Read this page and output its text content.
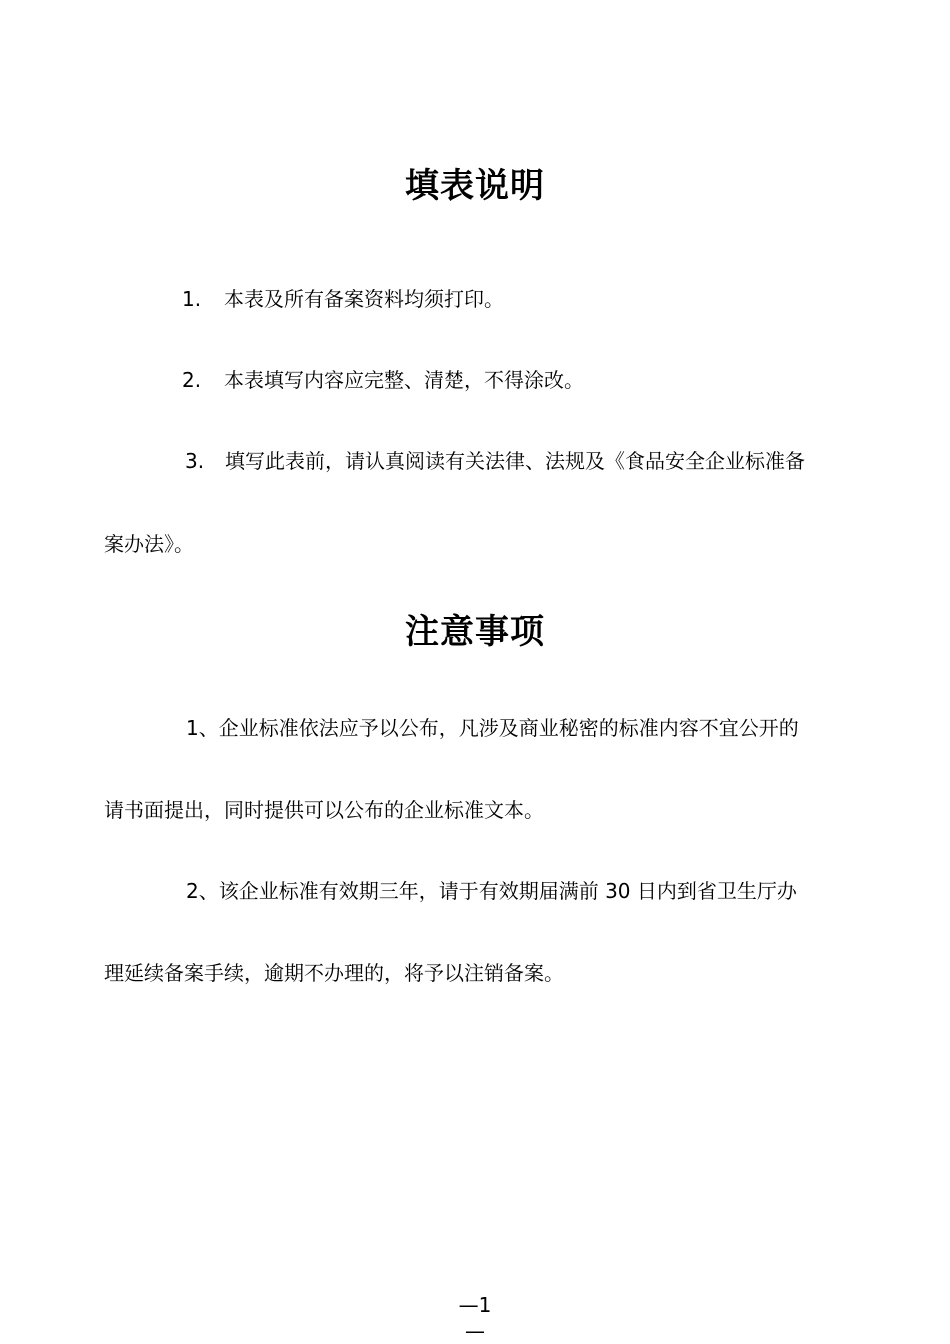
填表说明
1. 本表及所有备案资料均须打印。
2. 本表填写内容应完整、清楚，不得涂改。
3. 填写此表前，请认真阅读有关法律、法规及《食品安全企业标准备
案办法》。
注意事项
1、企业标准依法应予以公布，凡涉及商业秘密的标准内容不宜公开的
请书面提出，同时提供可以公布的企业标准文本。
2、该企业标准有效期三年，请于有效期届满前 30 日内到省卫生厅办
理延续备案手续，逾期不办理的，将予以注销备案。
—1
—
